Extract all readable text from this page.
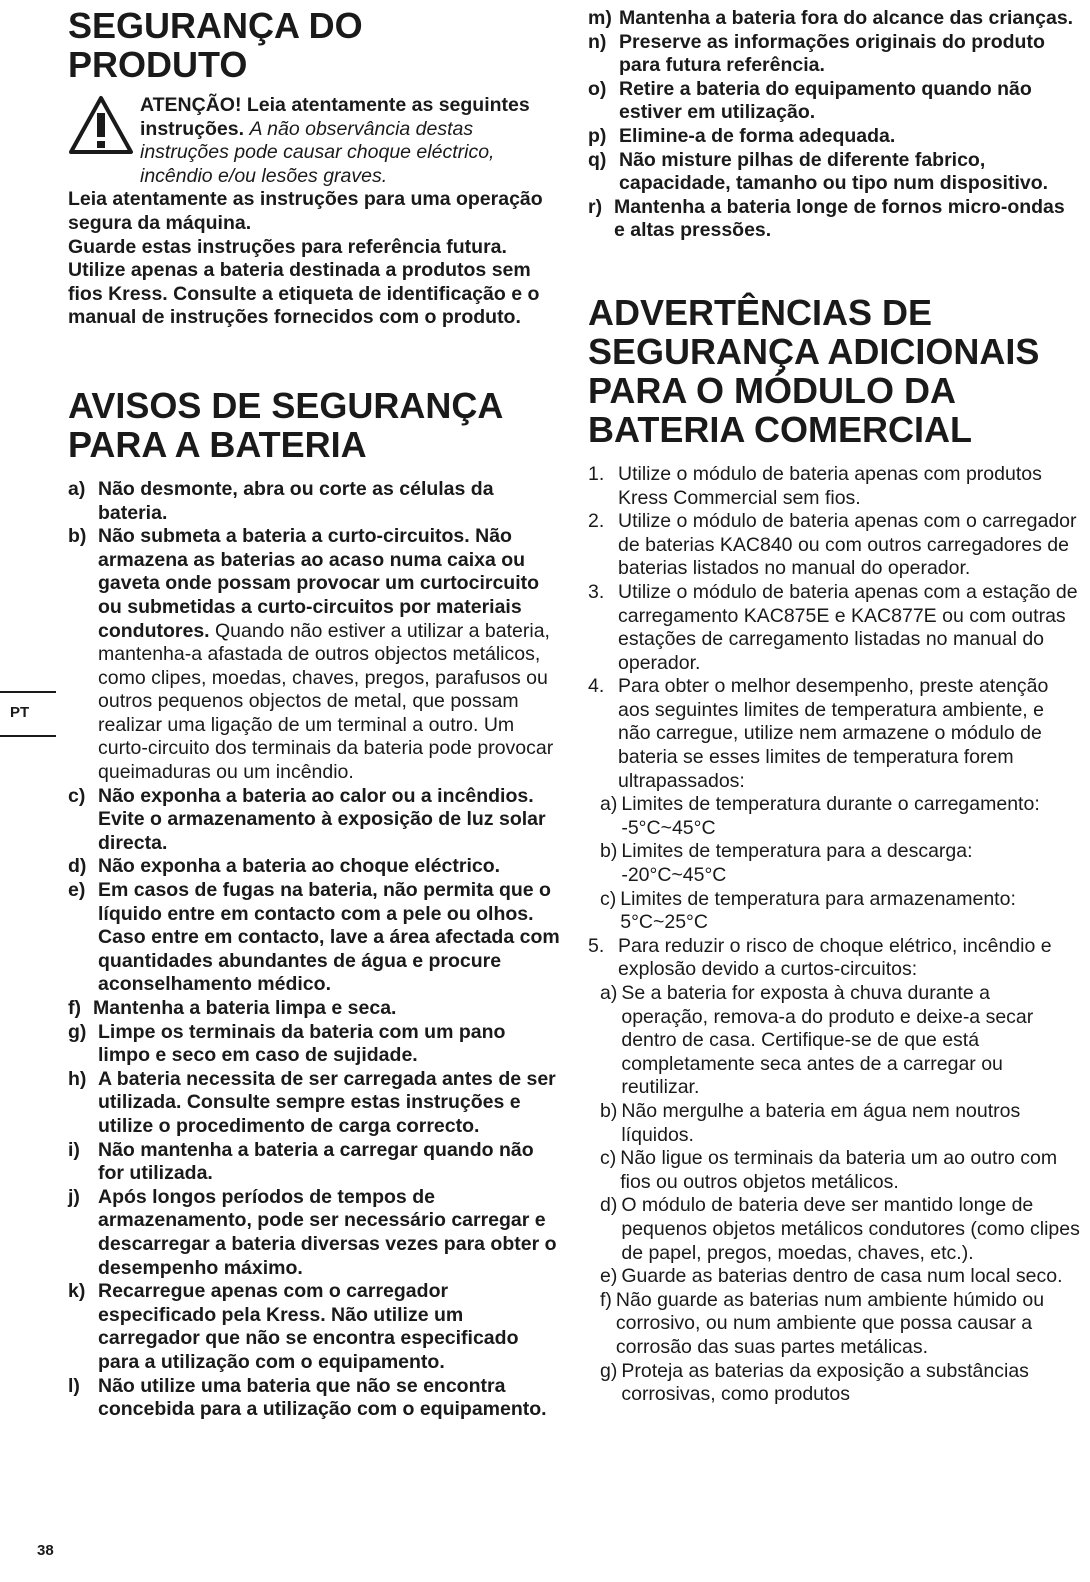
PT
38
SEGURANÇA DO PRODUTO
ATENÇÃO! Leia atentamente as seguintes instruções. A não observância destas instruções pode causar choque eléctrico, incêndio e/ou lesões graves.

Leia atentamente as instruções para uma operação segura da máquina.

Guarde estas instruções para referência futura.

Utilize apenas a bateria destinada a produtos sem fios Kress. Consulte a etiqueta de identificação e o manual de instruções fornecidos com o produto.

AVISOS DE SEGURANÇA PARA A BATERIA
a) Não desmonte, abra ou corte as células da bateria.
b) Não submeta a bateria a curto-circuitos. Não armazena as baterias ao acaso numa caixa ou gaveta onde possam provocar um curtocircuito ou submetidas a curto-circuitos por materiais condutores. Quando não estiver a utilizar a bateria, mantenha-a afastada de outros objectos metálicos, como clipes, moedas, chaves, pregos, parafusos ou outros pequenos objectos de metal, que possam realizar uma ligação de um terminal a outro. Um curto-circuito dos terminais da bateria pode provocar queimaduras ou um incêndio.
c) Não exponha a bateria ao calor ou a incêndios. Evite o armazenamento à exposição de luz solar directa.
d) Não exponha a bateria ao choque eléctrico.
e) Em casos de fugas na bateria, não permita que o líquido entre em contacto com a pele ou olhos. Caso entre em contacto, lave a área afectada com quantidades abundantes de água e procure aconselhamento médico.
f) Mantenha a bateria limpa e seca.
g) Limpe os terminais da bateria com um pano limpo e seco em caso de sujidade.
h) A bateria necessita de ser carregada antes de ser utilizada. Consulte sempre estas instruções e utilize o procedimento de carga correcto.
i) Não mantenha a bateria a carregar quando não for utilizada.
j) Após longos períodos de tempos de armazenamento, pode ser necessário carregar e descarregar a bateria diversas vezes para obter o desempenho máximo.
k) Recarregue apenas com o carregador especificado pela Kress. Não utilize um carregador que não se encontra especificado para a utilização com o equipamento.
l) Não utilize uma bateria que não se encontra concebida para a utilização com o equipamento.
m) Mantenha a bateria fora do alcance das crianças.
n) Preserve as informações originais do produto para futura referência.
o) Retire a bateria do equipamento quando não estiver em utilização.
p) Elimine-a de forma adequada.
q) Não misture pilhas de diferente fabrico, capacidade, tamanho ou tipo num dispositivo.
r) Mantenha a bateria longe de fornos micro-ondas e altas pressões.
ADVERTÊNCIAS DE SEGURANÇA ADICIONAIS PARA O MÓDULO DA BATERIA COMERCIAL
1. Utilize o módulo de bateria apenas com produtos Kress Commercial sem fios.
2. Utilize o módulo de bateria apenas com o carregador de baterias KAC840 ou com outros carregadores de baterias listados no manual do operador.
3. Utilize o módulo de bateria apenas com a estação de carregamento KAC875E e KAC877E ou com outras estações de carregamento listadas no manual do operador.
4. Para obter o melhor desempenho, preste atenção aos seguintes limites de temperatura ambiente, e não carregue, utilize nem armazene o módulo de bateria se esses limites de temperatura forem ultrapassados:
a) Limites de temperatura durante o carregamento: -5°C~45°C
b) Limites de temperatura para a descarga: -20°C~45°C
c) Limites de temperatura para armazenamento: 5°C~25°C
5. Para reduzir o risco de choque elétrico, incêndio e explosão devido a curtos-circuitos:
a) Se a bateria for exposta à chuva durante a operação, remova-a do produto e deixe-a secar dentro de casa. Certifique-se de que está completamente seca antes de a carregar ou reutilizar.
b) Não mergulhe a bateria em água nem noutros líquidos.
c) Não ligue os terminais da bateria um ao outro com fios ou outros objetos metálicos.
d) O módulo de bateria deve ser mantido longe de pequenos objetos metálicos condutores (como clipes de papel, pregos, moedas, chaves, etc.).
e) Guarde as baterias dentro de casa num local seco.
f) Não guarde as baterias num ambiente húmido ou corrosivo, ou num ambiente que possa causar a corrosão das suas partes metálicas.
g) Proteja as baterias da exposição a substâncias corrosivas, como produtos
